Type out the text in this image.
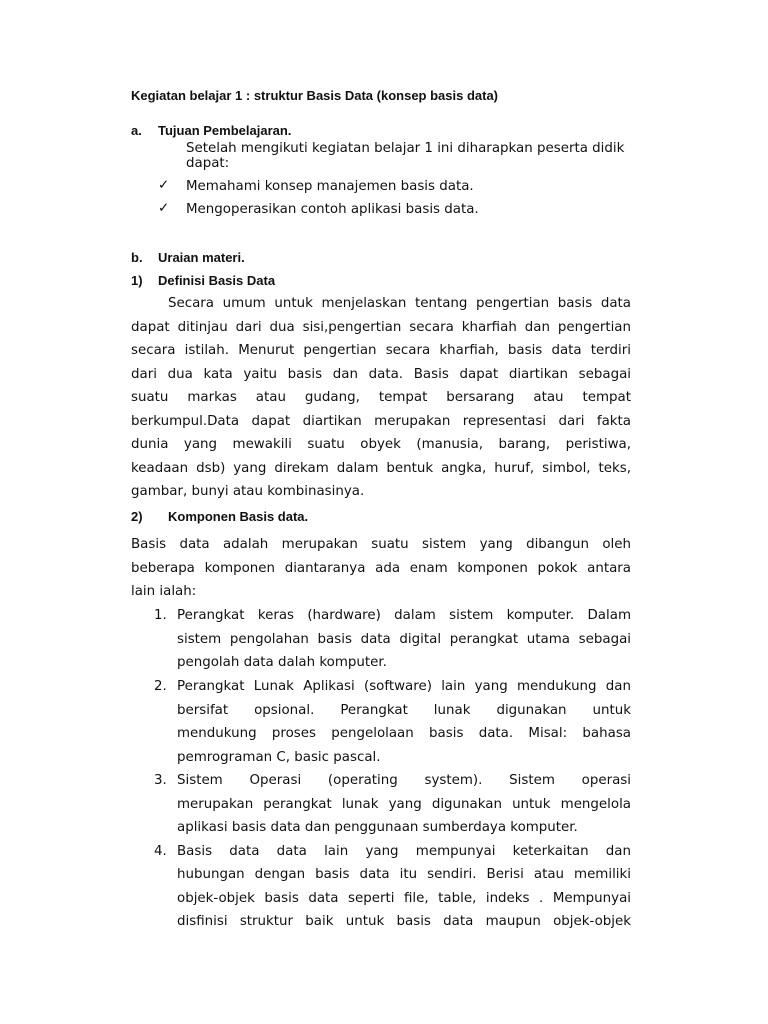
Kegiatan belajar 1 : struktur Basis Data (konsep basis data)
a. Tujuan Pembelajaran.
Setelah mengikuti kegiatan belajar 1 ini diharapkan peserta didik
dapat:
✓ Memahami konsep manajemen basis data.
✓ Mengoperasikan contoh aplikasi basis data.
b. Uraian materi.
1) Definisi Basis Data
Secara umum untuk menjelaskan tentang pengertian basis data
dapat ditinjau dari dua sisi,pengertian secara kharfiah dan pengertian
secara istilah. Menurut pengertian secara kharfiah, basis data terdiri
dari dua kata yaitu basis dan data. Basis dapat diartikan sebagai
suatu markas atau gudang, tempat bersarang atau tempat
berkumpul.Data dapat diartikan merupakan representasi dari fakta
dunia yang mewakili suatu obyek (manusia, barang, peristiwa,
keadaan dsb) yang direkam dalam bentuk angka, huruf, simbol, teks,
gambar, bunyi atau kombinasinya.
2) Komponen Basis data.
Basis data adalah merupakan suatu sistem yang dibangun oleh
beberapa komponen diantaranya ada enam komponen pokok antara
lain ialah:
1. Perangkat keras (hardware) dalam sistem komputer. Dalam
sistem pengolahan basis data digital perangkat utama sebagai
pengolah data dalah komputer.
2. Perangkat Lunak Aplikasi (software) lain yang mendukung dan
bersifat opsional. Perangkat lunak digunakan untuk
mendukung proses pengelolaan basis data. Misal: bahasa
pemrograman C, basic pascal.
3. Sistem Operasi (operating system). Sistem operasi
merupakan perangkat lunak yang digunakan untuk mengelola
aplikasi basis data dan penggunaan sumberdaya komputer.
4. Basis data data lain yang mempunyai keterkaitan dan
hubungan dengan basis data itu sendiri. Berisi atau memiliki
objek-objek basis data seperti file, table, indeks . Mempunyai
disfinisi struktur baik untuk basis data maupun objek-objek
